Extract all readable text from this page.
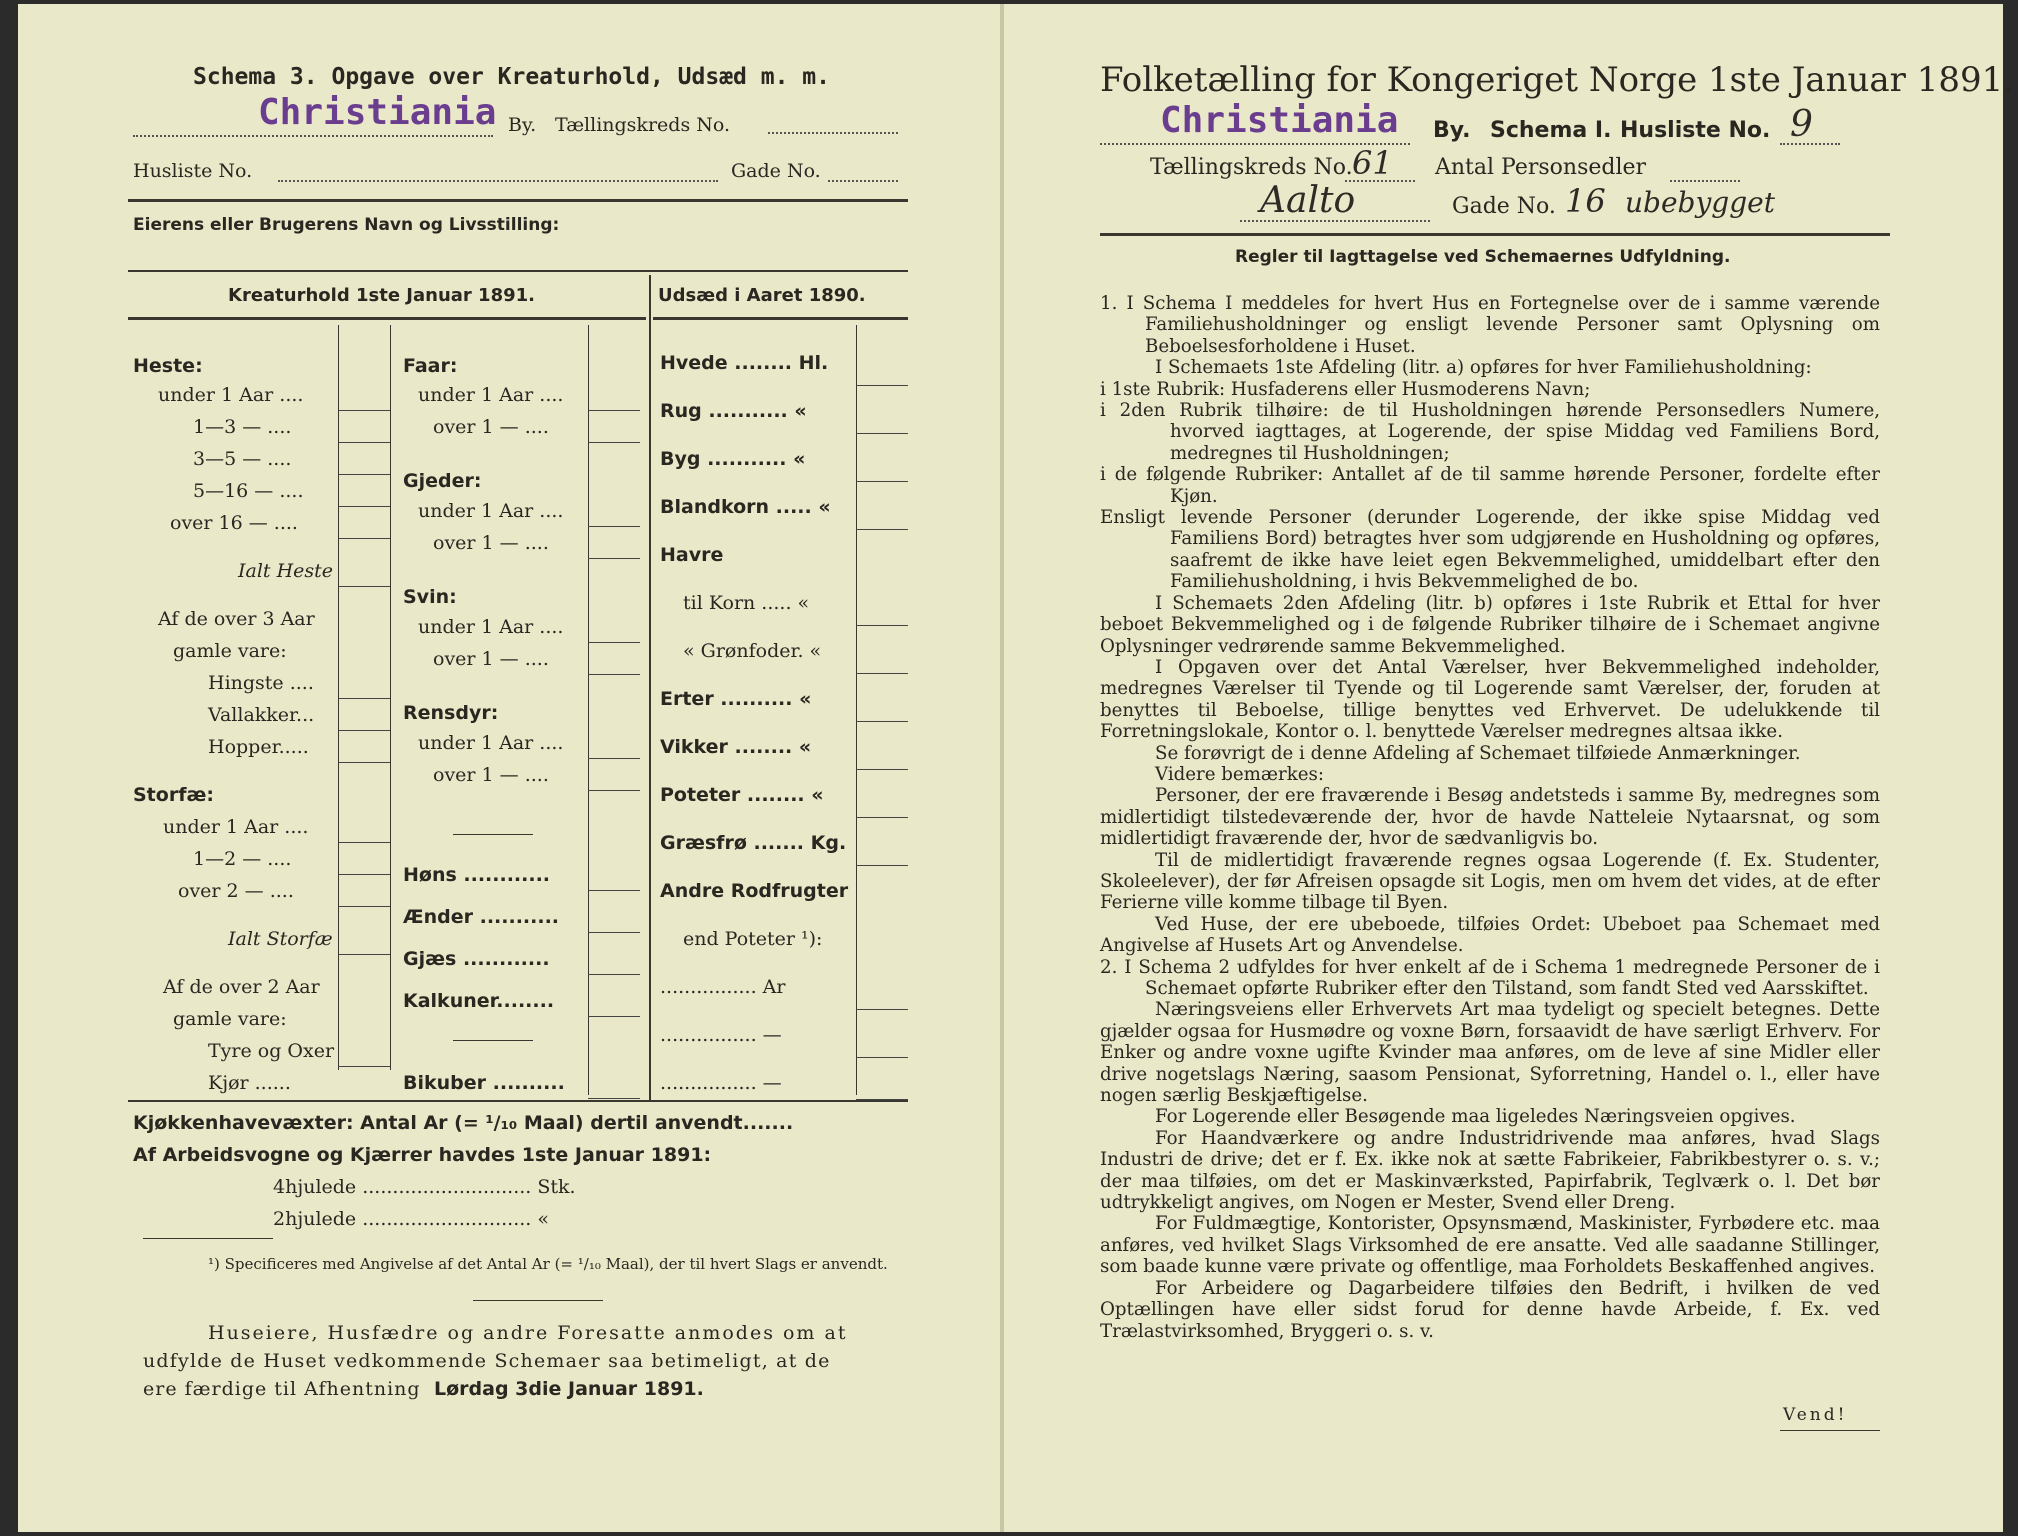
Schema 3. Opgave over Kreaturhold, Udsæd m. m.
Christiania By. Tællingskreds No.
Husliste No.	Gade No.
Eierens eller Brugerens Navn og Livsstilling:
Kreaturhold 1ste Januar 1891.	Udsæd i Aaret 1890.
Heste:
under 1 Aar ....
1—3 — ....
3—5 — ....
5—16 — ....
over 16 — ....
Ialt Heste
Af de over 3 Aar
gamle vare:
Hingste ....
Vallakker...
Hopper.....
Storfæ:
under 1 Aar ....
1—2 — ....
over 2 — ....
Ialt Storfæ
Af de over 2 Aar
gamle vare:
Tyre og Oxer
Kjør ......
Faar:
under 1 Aar ....
over 1 — ....
Gjeder:
under 1 Aar ....
over 1 — ....
Svin:
under 1 Aar ....
over 1 — ....
Rensdyr:
under 1 Aar ....
over 1 — ....
Høns ............
Ænder ...........
Gjæs ............
Kalkuner........
Bikuber ..........
Hvede ........ Hl.
Rug ........... «
Byg ........... «
Blandkorn ..... «
Havre
til Korn ..... «
« Grønfoder. «
Erter .......... «
Vikker ........ «
Poteter ........ «
Græsfrø ....... Kg.
Andre Rodfrugter
end Poteter ¹):
................ Ar
................ —
................ —
Kjøkkenhavevæxter: Antal Ar (= ¹/₁₀ Maal) dertil anvendt.......
Af Arbeidsvogne og Kjærrer havdes 1ste Januar 1891:
4hjulede ............................ Stk.
2hjulede ............................ «
¹) Specificeres med Angivelse af det Antal Ar (= ¹/₁₀ Maal), der til hvert Slags er anvendt.
Huseiere, Husfædre og andre Foresatte anmodes om at
udfylde de Huset vedkommende Schemaer saa betimeligt, at de
ere færdige til Afhentning Lørdag 3die Januar 1891.
Folketælling for Kongeriget Norge 1ste Januar 1891.
Christiania By. Schema I. Husliste No. 9
Tællingskreds No. 61 Antal Personsedler
Aalto	Gade No. 16 ubebygget
Regler til Iagttagelse ved Schemaernes Udfyldning.

1. I Schema I meddeles for hvert Hus en Fortegnelse over de i samme værende Familiehusholdninger og ensligt levende Personer samt Oplysning om Beboelsesforholdene i Huset.

I Schemaets 1ste Afdeling (litr. a) opføres for hver Familiehusholdning:

i 1ste Rubrik: Husfaderens eller Husmoderens Navn;

i 2den Rubrik tilhøire: de til Husholdningen hørende Personsedlers Numere, hvorved iagttages, at Logerende, der spise Middag ved Familiens Bord, medregnes til Husholdningen;

i de følgende Rubriker: Antallet af de til samme hørende Personer, fordelte efter Kjøn.

Ensligt levende Personer (derunder Logerende, der ikke spise Middag ved Familiens Bord) betragtes hver som udgjørende en Husholdning og opføres, saafremt de ikke have leiet egen Bekvemmelighed, umiddelbart efter den Familiehusholdning, i hvis Bekvemmelighed de bo.

I Schemaets 2den Afdeling (litr. b) opføres i 1ste Rubrik et Ettal for hver beboet Bekvemmelighed og i de følgende Rubriker tilhøire de i Schemaet angivne Oplysninger vedrørende samme Bekvemmelighed.

I Opgaven over det Antal Værelser, hver Bekvemmelighed indeholder, medregnes Værelser til Tyende og til Logerende samt Værelser, der, foruden at benyttes til Beboelse, tillige benyttes ved Erhvervet. De udelukkende til Forretningslokale, Kontor o. l. benyttede Værelser medregnes altsaa ikke.

Se forøvrigt de i denne Afdeling af Schemaet tilføiede Anmærkninger.

Videre bemærkes:

Personer, der ere fraværende i Besøg andetsteds i samme By, medregnes som midlertidigt tilstedeværende der, hvor de havde Natteleie Nytaarsnat, og som midlertidigt fraværende der, hvor de sædvanligvis bo.

Til de midlertidigt fraværende regnes ogsaa Logerende (f. Ex. Studenter, Skoleelever), der før Afreisen opsagde sit Logis, men om hvem det vides, at de efter Ferierne ville komme tilbage til Byen.

Ved Huse, der ere ubeboede, tilføies Ordet: Ubeboet paa Schemaet med Angivelse af Husets Art og Anvendelse.

2. I Schema 2 udfyldes for hver enkelt af de i Schema 1 medregnede Personer de i Schemaet opførte Rubriker efter den Tilstand, som fandt Sted ved Aarsskiftet.

Næringsveiens eller Erhvervets Art maa tydeligt og specielt betegnes. Dette gjælder ogsaa for Husmødre og voxne Børn, forsaavidt de have særligt Erhverv. For Enker og andre voxne ugifte Kvinder maa anføres, om de leve af sine Midler eller drive nogetslags Næring, saasom Pensionat, Syforretning, Handel o. l., eller have nogen særlig Beskjæftigelse.

For Logerende eller Besøgende maa ligeledes Næringsveien opgives.

For Haandværkere og andre Industridrivende maa anføres, hvad Slags Industri de drive; det er f. Ex. ikke nok at sætte Fabrikeier, Fabrikbestyrer o. s. v.; der maa tilføies, om det er Maskinværksted, Papirfabrik, Teglværk o. l. Det bør udtrykkeligt angives, om Nogen er Mester, Svend eller Dreng.

For Fuldmægtige, Kontorister, Opsynsmænd, Maskinister, Fyrbødere etc. maa anføres, ved hvilket Slags Virksomhed de ere ansatte. Ved alle saadanne Stillinger, som baade kunne være private og offentlige, maa Forholdets Beskaffenhed angives.

For Arbeidere og Dagarbeidere tilføies den Bedrift, i hvilken de ved Optællingen have eller sidst forud for denne havde Arbeide, f. Ex. ved Trælastvirksomhed, Bryggeri o. s. v.

Vend!
